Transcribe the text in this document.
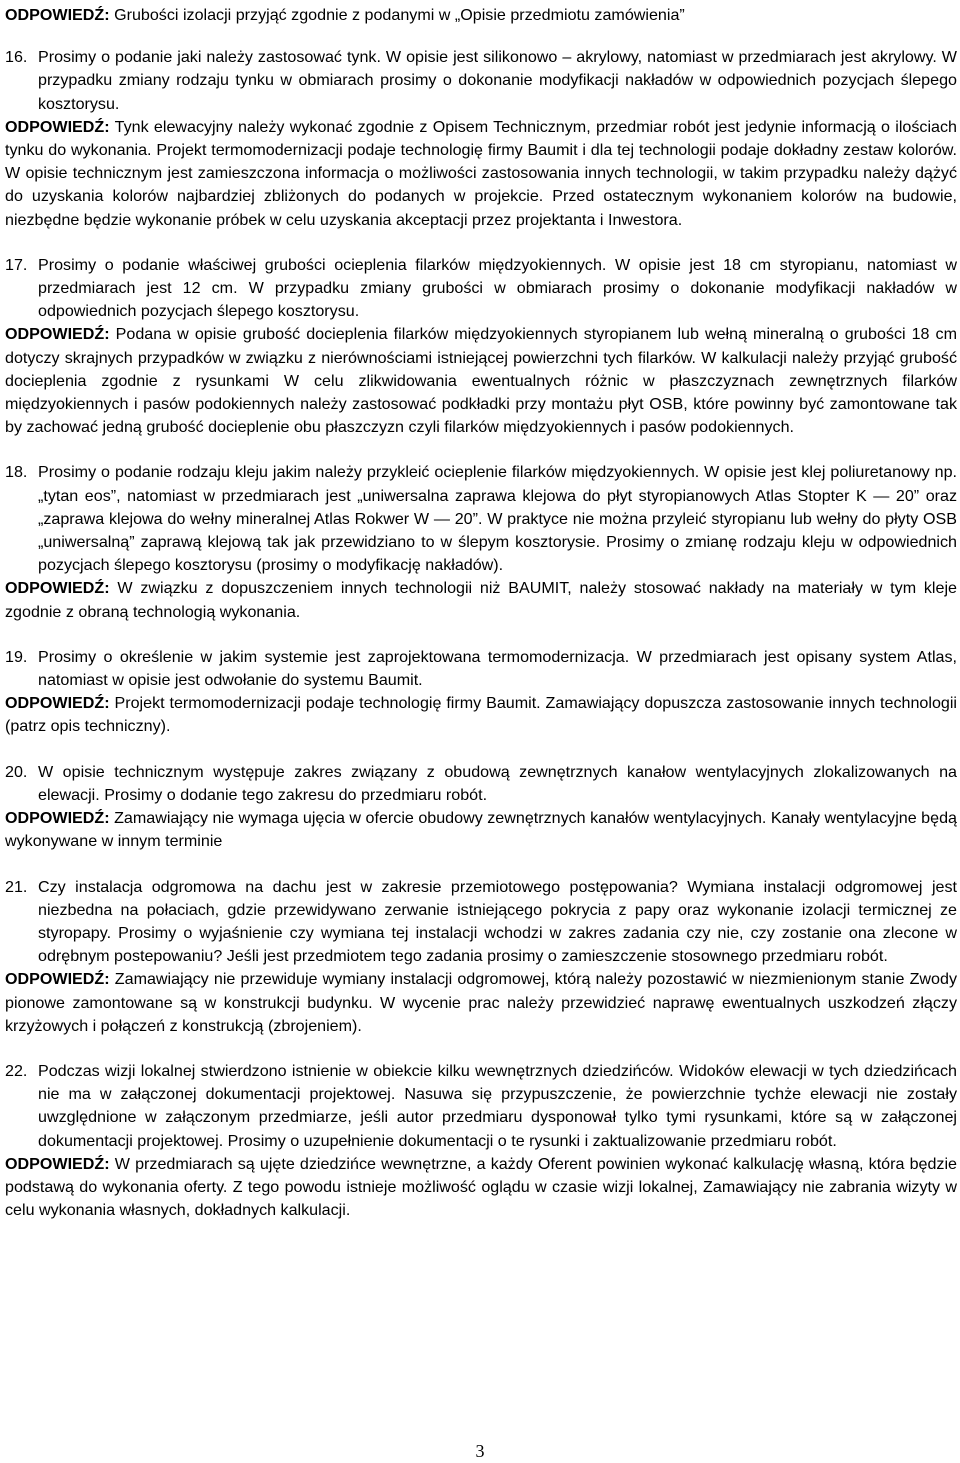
ODPOWIEDŹ: Grubości izolacji przyjąć zgodnie z podanymi w „Opisie przedmiotu zamówienia”

16. Prosimy o podanie jaki należy zastosować tynk. W opisie jest silikonowo – akrylowy, natomiast w przedmiarach jest akrylowy. W przypadku zmiany rodzaju tynku w obmiarach prosimy o dokonanie modyfikacji nakładów w odpowiednich pozycjach ślepego kosztorysu.

ODPOWIEDŹ: Tynk elewacyjny należy wykonać zgodnie z Opisem Technicznym, przedmiar robót jest jedynie informacją o ilościach tynku do wykonania. Projekt termomodernizacji podaje technologię firmy Baumit i dla tej technologii podaje dokładny zestaw kolorów. W opisie technicznym jest zamieszczona informacja o możliwości zastosowania innych technologii, w takim przypadku należy dążyć do uzyskania kolorów najbardziej zbliżonych do podanych w projekcie. Przed ostatecznym wykonaniem kolorów na budowie, niezbędne będzie wykonanie próbek w celu uzyskania akceptacji przez projektanta i Inwestora.

17. Prosimy o podanie właściwej grubości ocieplenia filarków międzyokiennych. W opisie jest 18 cm styropianu, natomiast w przedmiarach jest 12 cm. W przypadku zmiany grubości w obmiarach prosimy o dokonanie modyfikacji nakładów w odpowiednich pozycjach ślepego kosztorysu.

ODPOWIEDŹ: Podana w opisie grubość docieplenia filarków międzyokiennych styropianem lub wełną mineralną o grubości 18 cm dotyczy skrajnych przypadków w związku z nierównościami istniejącej powierzchni tych filarków. W kalkulacji należy przyjąć grubość docieplenia zgodnie z rysunkami W celu zlikwidowania ewentualnych różnic w płaszczyznach zewnętrznych filarków międzyokiennych i pasów podokiennych należy zastosować podkładki przy montażu płyt OSB, które powinny być zamontowane tak by zachować jedną grubość docieplenie obu płaszczyzn czyli filarków międzyokiennych i pasów podokiennych.

18. Prosimy o podanie rodzaju kleju jakim należy przykleić ocieplenie filarków międzyokiennych. W opisie jest klej poliuretanowy np. „tytan eos”, natomiast w przedmiarach jest „uniwersalna zaprawa klejowa do płyt styropianowych Atlas Stopter K — 20” oraz „zaprawa klejowa do wełny mineralnej Atlas Rokwer W — 20”. W praktyce nie można przyleić styropianu lub wełny do płyty OSB „uniwersalną” zaprawą klejową tak jak przewidziano to w ślepym kosztorysie. Prosimy o zmianę rodzaju kleju w odpowiednich pozycjach ślepego kosztorysu (prosimy o modyfikację nakładów).

ODPOWIEDŹ: W związku z dopuszczeniem innych technologii niż BAUMIT, należy stosować nakłady na materiały w tym kleje zgodnie z obraną technologią wykonania.

19. Prosimy o określenie w jakim systemie jest zaprojektowana termomodernizacja. W przedmiarach jest opisany system Atlas, natomiast w opisie jest odwołanie do systemu Baumit.

ODPOWIEDŹ: Projekt termomodernizacji podaje technologię firmy Baumit. Zamawiający dopuszcza zastosowanie innych technologii (patrz opis techniczny).

20. W opisie technicznym występuje zakres związany z obudową zewnętrznych kanałow wentylacyjnych zlokalizowanych na elewacji. Prosimy o dodanie tego zakresu do przedmiaru robót.

ODPOWIEDŹ: Zamawiający nie wymaga ujęcia w ofercie obudowy zewnętrznych kanałów wentylacyjnych. Kanały wentylacyjne będą wykonywane w innym terminie

21. Czy instalacja odgromowa na dachu jest w zakresie przemiotowego postępowania? Wymiana instalacji odgromowej jest niezbedna na połaciach, gdzie przewidywano zerwanie istniejącego pokrycia z papy oraz wykonanie izolacji termicznej ze styropapy. Prosimy o wyjaśnienie czy wymiana tej instalacji wchodzi w zakres zadania czy nie, czy zostanie ona zlecone w odrębnym postepowaniu? Jeśli jest przedmiotem tego zadania prosimy o zamieszczenie stosownego przedmiaru robót.

ODPOWIEDŹ: Zamawiający nie przewiduje wymiany instalacji odgromowej, którą należy pozostawić w niezmienionym stanie Zwody pionowe zamontowane są w konstrukcji budynku. W wycenie prac należy przewidzieć naprawę ewentualnych uszkodzeń złączy krzyżowych i połączeń z konstrukcją (zbrojeniem).

22. Podczas wizji lokalnej stwierdzono istnienie w obiekcie kilku wewnętrznych dziedzińców. Widoków elewacji w tych dziedzińcach nie ma w załączonej dokumentacji projektowej. Nasuwa się przypuszczenie, że powierzchnie tychże elewacji nie zostały uwzględnione w załączonym przedmiarze, jeśli autor przedmiaru dysponował tylko tymi rysunkami, które są w załączonej dokumentacji projektowej. Prosimy o uzupełnienie dokumentacji o te rysunki i zaktualizowanie przedmiaru robót.

ODPOWIEDŹ: W przedmiarach są ujęte dziedzińce wewnętrzne, a każdy Oferent powinien wykonać kalkulację własną, która będzie podstawą do wykonania oferty. Z tego powodu istnieje możliwość oglądu w czasie wizji lokalnej, Zamawiający nie zabrania wizyty w celu wykonania własnych, dokładnych kalkulacji.

3
